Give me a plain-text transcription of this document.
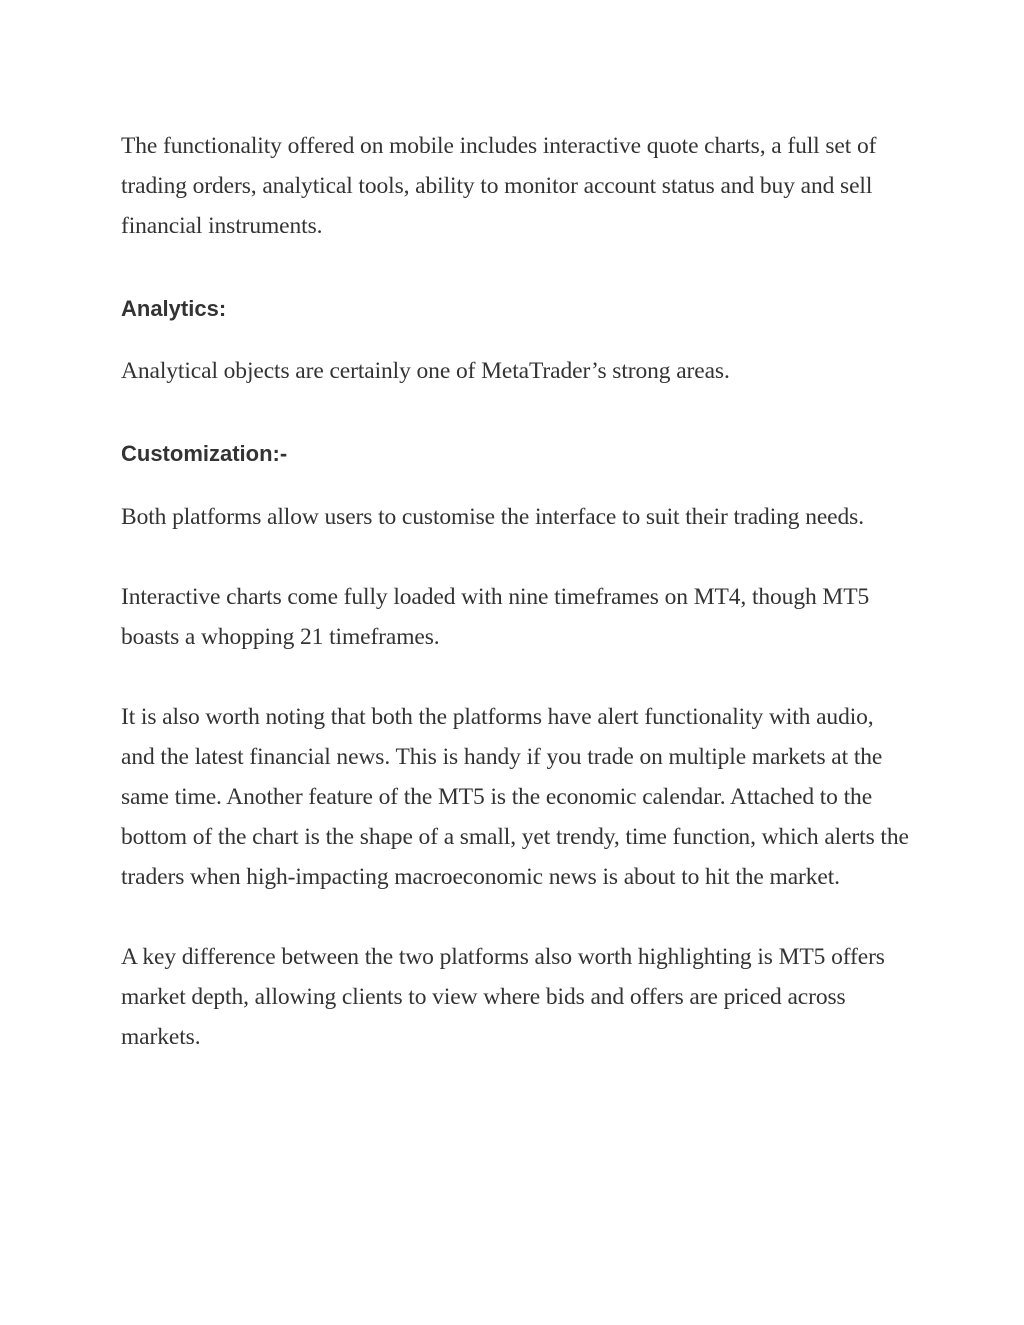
The functionality offered on mobile includes interactive quote charts, a full set of trading orders, analytical tools, ability to monitor account status and buy and sell financial instruments.

Analytics:

Analytical objects are certainly one of MetaTrader’s strong areas.

Customization:-

Both platforms allow users to customise the interface to suit their trading needs.

Interactive charts come fully loaded with nine timeframes on MT4, though MT5 boasts a whopping 21 timeframes.

It is also worth noting that both the platforms have alert functionality with audio, and the latest financial news. This is handy if you trade on multiple markets at the same time. Another feature of the MT5 is the economic calendar. Attached to the bottom of the chart is the shape of a small, yet trendy, time function, which alerts the traders when high-impacting macroeconomic news is about to hit the market.

A key difference between the two platforms also worth highlighting is MT5 offers market depth, allowing clients to view where bids and offers are priced across markets.
